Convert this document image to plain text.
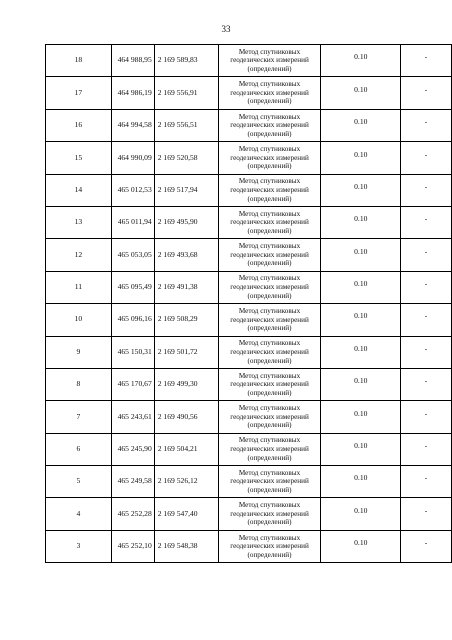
33
18	464 988,95	2 169 589,83	Метод спутниковых
геодезических измерений
(определений)	0.10	-
17	464 986,19	2 169 556,91	Метод спутниковых
геодезических измерений
(определений)	0.10	-
16	464 994,58	2 169 556,51	Метод спутниковых
геодезических измерений
(определений)	0.10	-
15	464 990,09	2 169 520,58	Метод спутниковых
геодезических измерений
(определений)	0.10	-
14	465 012,53	2 169 517,94	Метод спутниковых
геодезических измерений
(определений)	0.10	-
13	465 011,94	2 169 495,90	Метод спутниковых
геодезических измерений
(определений)	0.10	-
12	465 053,05	2 169 493,68	Метод спутниковых
геодезических измерений
(определений)	0.10	-
11	465 095,49	2 169 491,38	Метод спутниковых
геодезических измерений
(определений)	0.10	-
10	465 096,16	2 169 508,29	Метод спутниковых
геодезических измерений
(определений)	0.10	-
9	465 150,31	2 169 501,72	Метод спутниковых
геодезических измерений
(определений)	0.10	-
8	465 170,67	2 169 499,30	Метод спутниковых
геодезических измерений
(определений)	0.10	-
7	465 243,61	2 169 490,56	Метод спутниковых
геодезических измерений
(определений)	0.10	-
6	465 245,90	2 169 504,21	Метод спутниковых
геодезических измерений
(определений)	0.10	-
5	465 249,58	2 169 526,12	Метод спутниковых
геодезических измерений
(определений)	0.10	-
4	465 252,28	2 169 547,40	Метод спутниковых
геодезических измерений
(определений)	0.10	-
3	465 252,10	2 169 548,38	Метод спутниковых
геодезических измерений
(определений)	0.10	-
